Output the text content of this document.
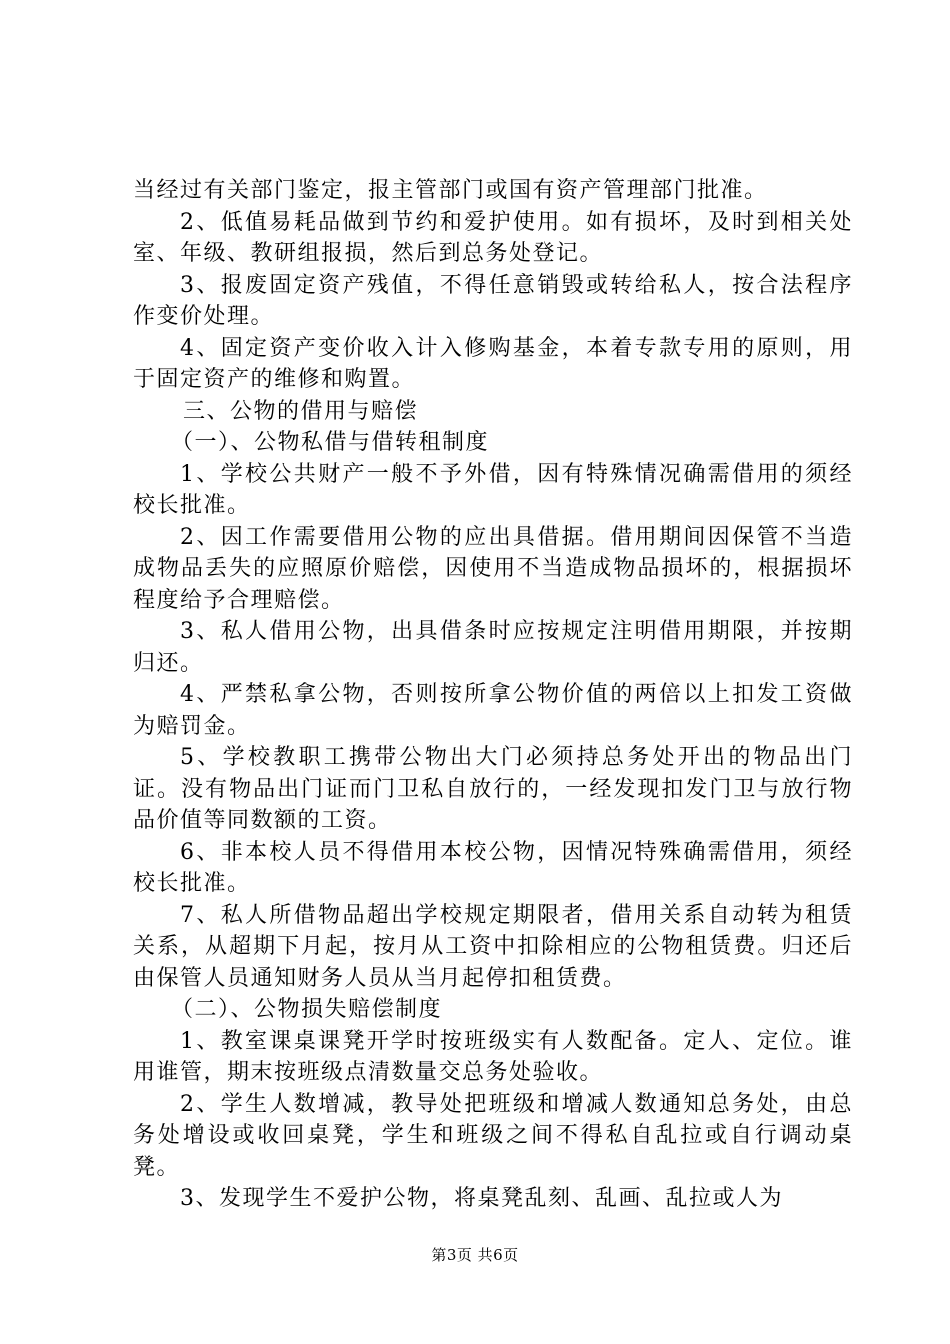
当经过有关部门鉴定，报主管部门或国有资产管理部门批准。

2、低值易耗品做到节约和爱护使用。如有损坏，及时到相关处室、年级、教研组报损，然后到总务处登记。

3、报废固定资产残值，不得任意销毁或转给私人，按合法程序作变价处理。

4、固定资产变价收入计入修购基金，本着专款专用的原则，用于固定资产的维修和购置。

三、公物的借用与赔偿

（一）、公物私借与借转租制度

1、学校公共财产一般不予外借，因有特殊情况确需借用的须经校长批准。

2、因工作需要借用公物的应出具借据。借用期间因保管不当造成物品丢失的应照原价赔偿，因使用不当造成物品损坏的，根据损坏程度给予合理赔偿。

3、私人借用公物，出具借条时应按规定注明借用期限，并按期归还。

4、严禁私拿公物，否则按所拿公物价值的两倍以上扣发工资做为赔罚金。

5、学校教职工携带公物出大门必须持总务处开出的物品出门证。没有物品出门证而门卫私自放行的，一经发现扣发门卫与放行物品价值等同数额的工资。

6、非本校人员不得借用本校公物，因情况特殊确需借用，须经校长批准。

7、私人所借物品超出学校规定期限者，借用关系自动转为租赁关系，从超期下月起，按月从工资中扣除相应的公物租赁费。归还后由保管人员通知财务人员从当月起停扣租赁费。

（二）、公物损失赔偿制度

1、教室课桌课凳开学时按班级实有人数配备。定人、定位。谁用谁管，期末按班级点清数量交总务处验收。

2、学生人数增减，教导处把班级和增减人数通知总务处，由总务处增设或收回桌凳，学生和班级之间不得私自乱拉或自行调动桌凳。

3、发现学生不爱护公物，将桌凳乱刻、乱画、乱拉或人为

第3页 共6页
